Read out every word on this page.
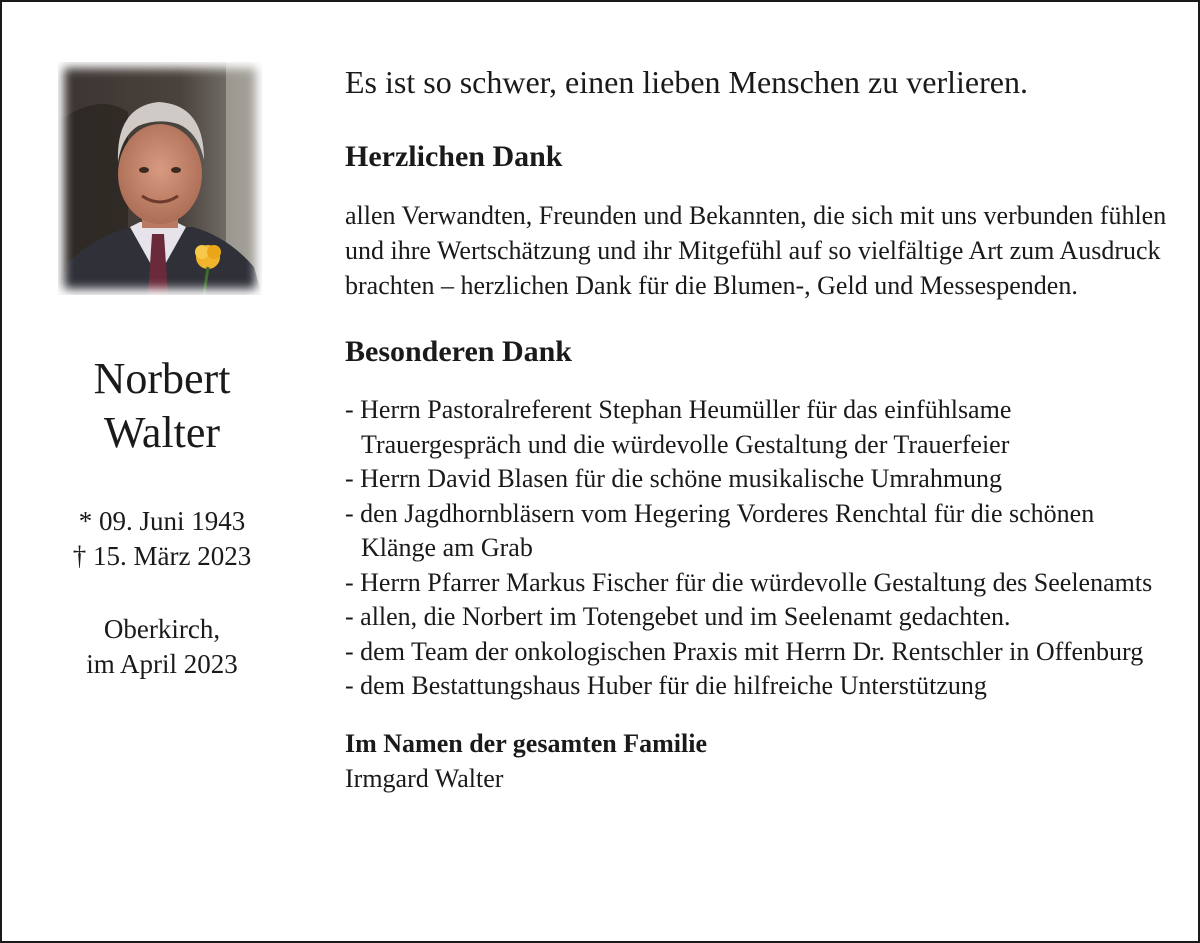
Norbert
Walter
* 09. Juni 1943
† 15. März 2023
Oberkirch,
im April 2023

Es ist so schwer, einen lieben Menschen zu verlieren.

Herzlichen Dank
allen Verwandten, Freunden und Bekannten, die sich mit uns verbunden fühlen und ihre Wertschätzung und ihr Mitgefühl auf so vielfältige Art zum Ausdruck brachten – herzlichen Dank für die Blumen-, Geld und Messespenden.
Besonderen Dank
- Herrn Pastoralreferent Stephan Heumüller für das einfühlsame Trauergespräch und die würdevolle Gestaltung der Trauerfeier
- Herrn David Blasen für die schöne musikalische Umrahmung
- den Jagdhornbläsern vom Hegering Vorderes Renchtal für die schönen Klänge am Grab
- Herrn Pfarrer Markus Fischer für die würdevolle Gestaltung des Seelenamts
- allen, die Norbert im Totengebet und im Seelenamt gedachten.
- dem Team der onkologischen Praxis mit Herrn Dr. Rentschler in Offenburg
- dem Bestattungshaus Huber für die hilfreiche Unterstützung
Im Namen der gesamten Familie
Irmgard Walter
